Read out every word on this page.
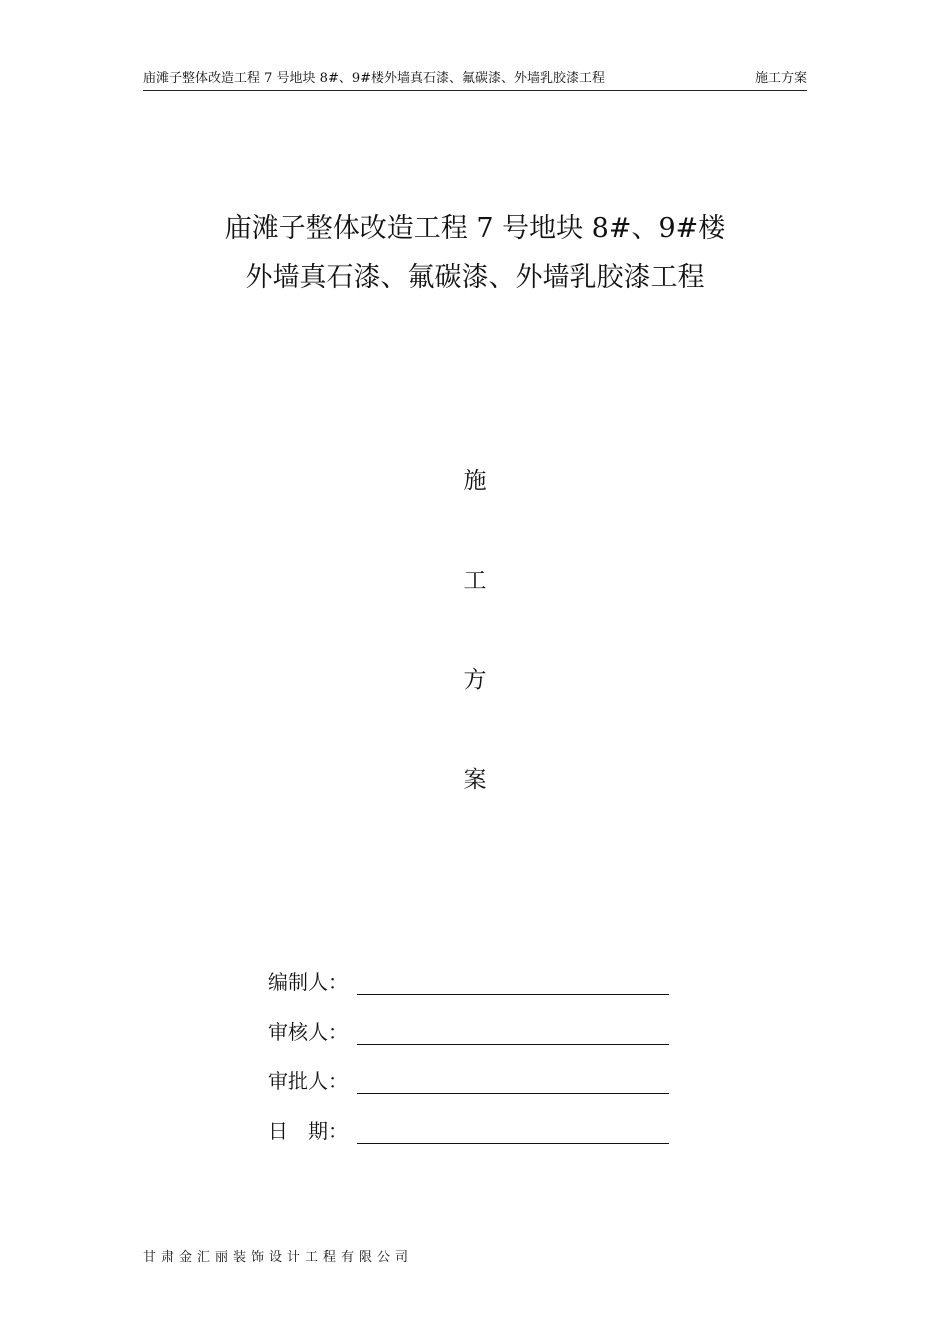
庙滩子整体改造工程 7 号地块 8#、9#楼外墙真石漆、氟碳漆、外墙乳胶漆工程	施工方案
庙滩子整体改造工程 7 号地块 8#、9#楼
外墙真石漆、氟碳漆、外墙乳胶漆工程
施
工
方
案
编制人：
审核人：
审批人：
日　期：
甘肃金汇丽装饰设计工程有限公司
